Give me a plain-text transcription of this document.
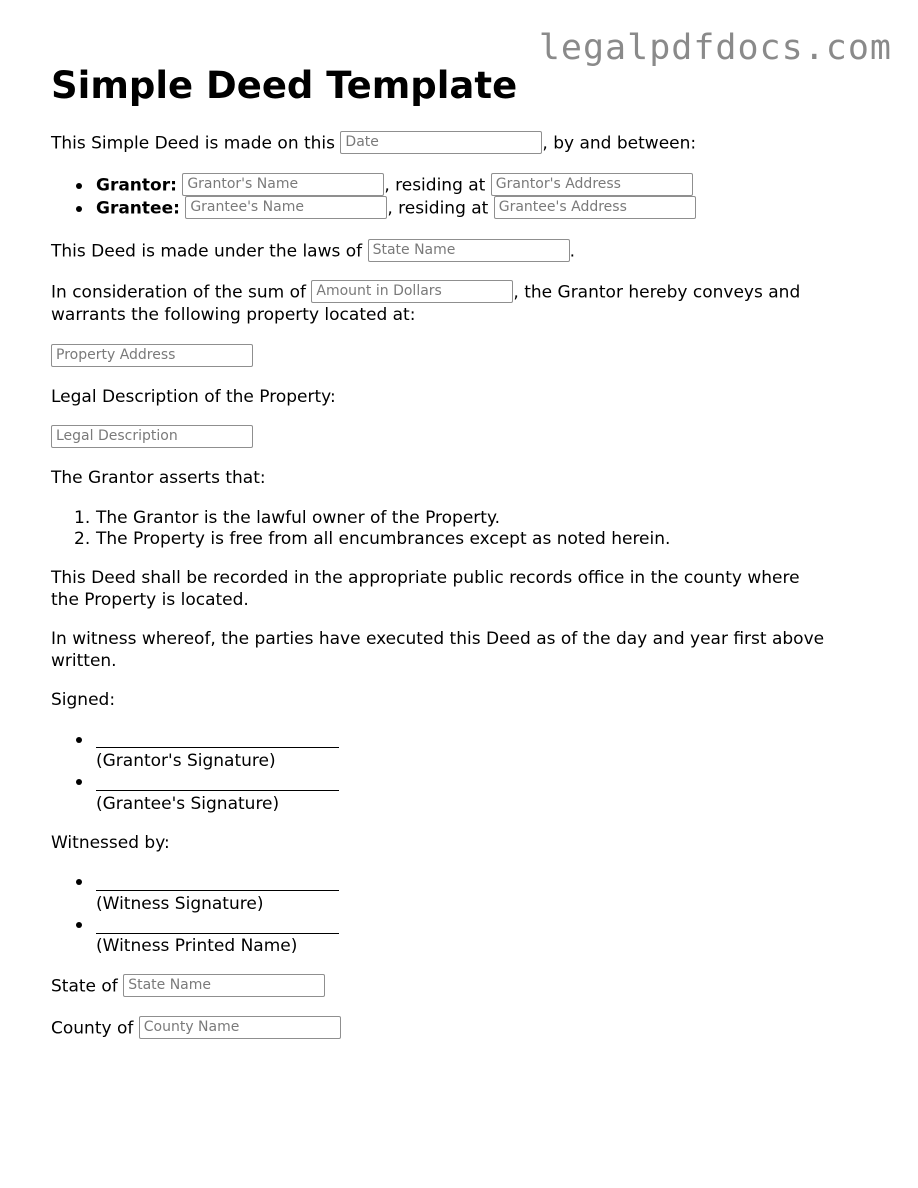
legalpdfdocs.com
Simple Deed Template
This Simple Deed is made on this Date	, by and between:
Grantor: Grantor's Name	, residing at Grantor's Address
Grantee: Grantee's Name	, residing at Grantee's Address
This Deed is made under the laws of State Name	.
In consideration of the sum of Amount in Dollars	, the Grantor hereby conveys and
warrants the following property located at:
Property Address
Legal Description of the Property:
Legal Description
The Grantor asserts that:
1. The Grantor is the lawful owner of the Property.
2. The Property is free from all encumbrances except as noted herein.
This Deed shall be recorded in the appropriate public records office in the county where
the Property is located.
In witness whereof, the parties have executed this Deed as of the day and year first above
written.
Signed:
(Grantor's Signature)
(Grantee's Signature)
Witnessed by:
(Witness Signature)
(Witness Printed Name)
State of State Name
County of County Name
